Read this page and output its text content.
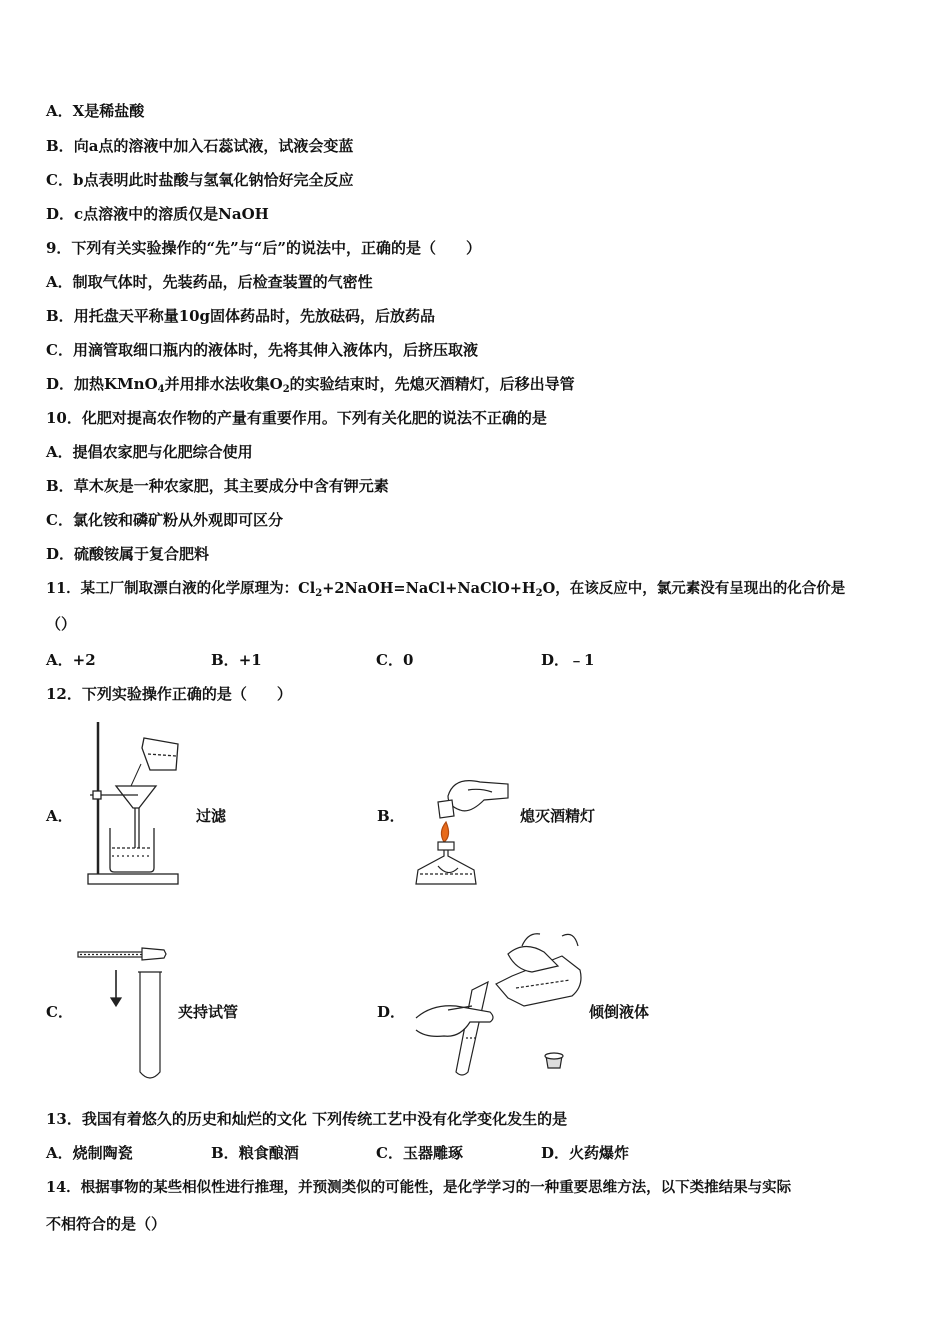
A．X是稀盐酸
B．向a点的溶液中加入石蕊试液，试液会变蓝
C．b点表明此时盐酸与氢氧化钠恰好完全反应
D．c点溶液中的溶质仅是NaOH
9．下列有关实验操作的“先”与“后”的说法中，正确的是（　　）
A．制取气体时，先装药品，后检查装置的气密性
B．用托盘天平称量10g固体药品时，先放砝码，后放药品
C．用滴管取细口瓶内的液体时，先将其伸入液体内，后挤压取液
D．加热KMnO$_4$并用排水法收集$O_2$的实验结束时，先熄灭酒精灯，后移出导管
10．化肥对提高农作物的产量有重要作用。下列有关化肥的说法不正确的是
A．提倡农家肥与化肥综合使用
B．草木灰是一种农家肥，其主要成分中含有钾元素
C．氯化铵和磷矿粉从外观即可区分
D．硫酸铵属于复合肥料
11．某工厂制取漂白液的化学原理为：$Cl_2+2NaOH=NaCl+NaClO+H_2O$，在该反应中，氯元素没有呈现出的化合价是
（）
A．+2	B．+1	C．0	D．﹣1
12．下列实验操作正确的是（　　）
A．	过滤	B．	熄灭酒精灯
C．	夹持试管	D．	倾倒液体
13．我国有着悠久的历史和灿烂的文化 下列传统工艺中没有化学变化发生的是
A．烧制陶瓷	B．粮食酿酒	C．玉器雕琢	D．火药爆炸
14．根据事物的某些相似性进行推理，并预测类似的可能性，是化学学习的一种重要思维方法，以下类推结果与实际
不相符合的是（）
